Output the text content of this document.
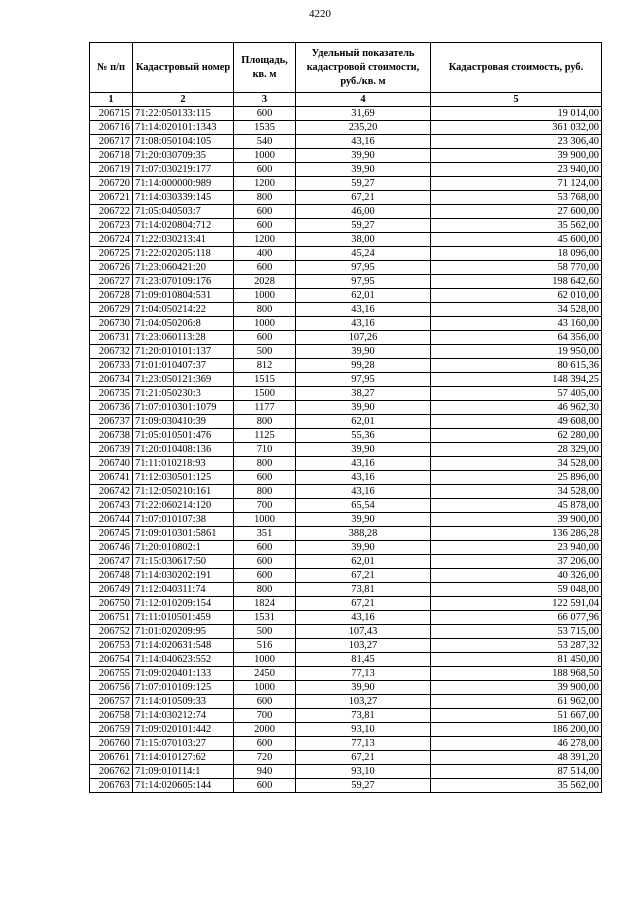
4220
№ п/п	Кадастровый номер	Площадь, кв. м	Удельный показатель кадастровой стоимости, руб./кв. м	Кадастровая стоимость, руб.
1	2	3	4	5
206715	71:22:050133:115	600	31,69	19 014,00
206716	71:14:020101:1343	1535	235,20	361 032,00
206717	71:08:050104:105	540	43,16	23 306,40
206718	71:20:030709:35	1000	39,90	39 900,00
206719	71:07:030219:177	600	39,90	23 940,00
206720	71:14:000000:989	1200	59,27	71 124,00
206721	71:14:030339:145	800	67,21	53 768,00
206722	71:05:040503:7	600	46,00	27 600,00
206723	71:14:020804:712	600	59,27	35 562,00
206724	71:22:030213:41	1200	38,00	45 600,00
206725	71:22:020205:118	400	45,24	18 096,00
206726	71:23:060421:20	600	97,95	58 770,00
206727	71:23:070109:176	2028	97,95	198 642,60
206728	71:09:010804:531	1000	62,01	62 010,00
206729	71:04:050214:22	800	43,16	34 528,00
206730	71:04:050206:8	1000	43,16	43 160,00
206731	71:23:060113:28	600	107,26	64 356,00
206732	71:20:010101:137	500	39,90	19 950,00
206733	71:01:010407:37	812	99,28	80 615,36
206734	71:23:050121:369	1515	97,95	148 394,25
206735	71:21:050230:3	1500	38,27	57 405,00
206736	71:07:010301:1079	1177	39,90	46 962,30
206737	71:09:030410:39	800	62,01	49 608,00
206738	71:05:010501:476	1125	55,36	62 280,00
206739	71:20:010408:136	710	39,90	28 329,00
206740	71:11:010218:93	800	43,16	34 528,00
206741	71:12:030501:125	600	43,16	25 896,00
206742	71:12:050210:161	800	43,16	34 528,00
206743	71:22:060214:120	700	65,54	45 878,00
206744	71:07:010107:38	1000	39,90	39 900,00
206745	71:09:010301:5861	351	388,28	136 286,28
206746	71:20:010802:1	600	39,90	23 940,00
206747	71:15:030617:50	600	62,01	37 206,00
206748	71:14:030202:191	600	67,21	40 326,00
206749	71:12:040311:74	800	73,81	59 048,00
206750	71:12:010209:154	1824	67,21	122 591,04
206751	71:11:010501:459	1531	43,16	66 077,96
206752	71:01:020209:95	500	107,43	53 715,00
206753	71:14:020631:548	516	103,27	53 287,32
206754	71:14:040623:552	1000	81,45	81 450,00
206755	71:09:020401:133	2450	77,13	188 968,50
206756	71:07:010109:125	1000	39,90	39 900,00
206757	71:14:010509:33	600	103,27	61 962,00
206758	71:14:030212:74	700	73,81	51 667,00
206759	71:09:020101:442	2000	93,10	186 200,00
206760	71:15:070103:27	600	77,13	46 278,00
206761	71:14:010127:62	720	67,21	48 391,20
206762	71:09:010114:1	940	93,10	87 514,00
206763	71:14:020605:144	600	59,27	35 562,00
